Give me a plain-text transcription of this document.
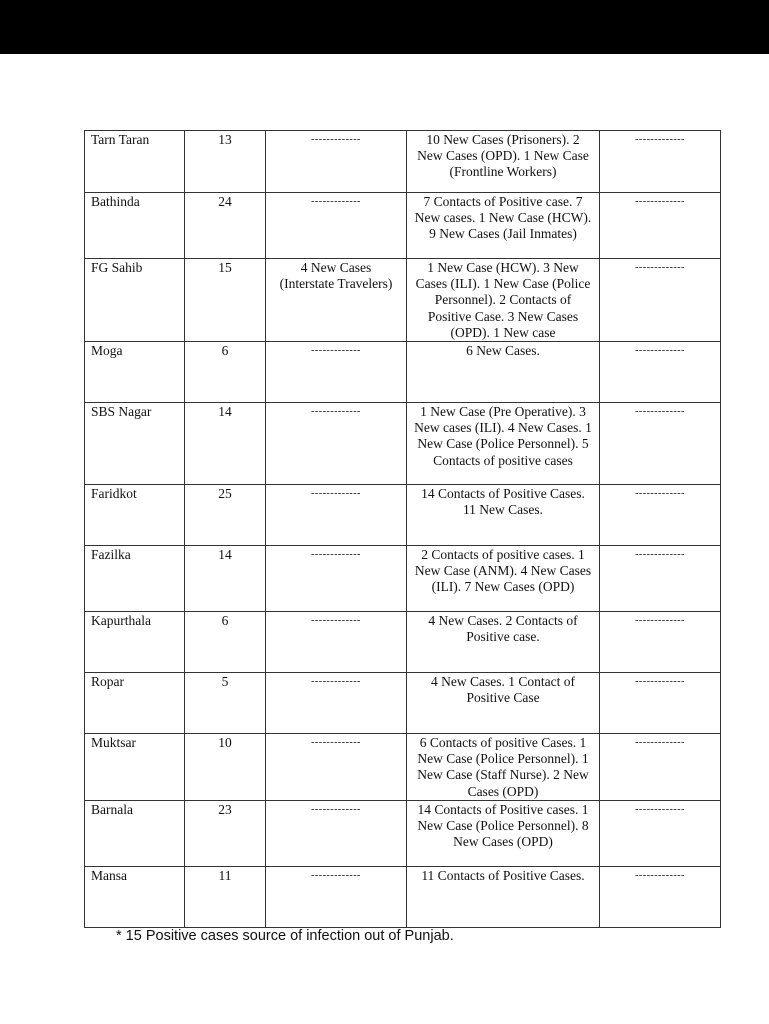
Tarn Taran	13	-------------	10 New Cases (Prisoners). 2 New Cases (OPD). 1 New Case (Frontline Workers)	-------------
Bathinda	24	-------------	7 Contacts of Positive case. 7 New cases. 1 New Case (HCW). 9 New Cases (Jail Inmates)	-------------
FG Sahib	15	4 New Cases (Interstate Travelers)	1 New Case (HCW). 3 New Cases (ILI). 1 New Case (Police Personnel). 2 Contacts of Positive Case. 3 New Cases (OPD). 1 New case	-------------
Moga	6	-------------	6 New Cases.	-------------
SBS Nagar	14	-------------	1 New Case (Pre Operative). 3 New cases (ILI). 4 New Cases. 1 New Case (Police Personnel). 5 Contacts of positive cases	-------------
Faridkot	25	-------------	14 Contacts of Positive Cases. 11 New Cases.	-------------
Fazilka	14	-------------	2 Contacts of positive cases. 1 New Case (ANM). 4 New Cases (ILI). 7 New Cases (OPD)	-------------
Kapurthala	6	-------------	4 New Cases. 2 Contacts of Positive case.	-------------
Ropar	5	-------------	4 New Cases. 1 Contact of Positive Case	-------------
Muktsar	10	-------------	6 Contacts of positive Cases. 1 New Case (Police Personnel). 1 New Case (Staff Nurse). 2 New Cases (OPD)	-------------
Barnala	23	-------------	14 Contacts of Positive cases. 1 New Case (Police Personnel). 8 New Cases (OPD)	-------------
Mansa	11	-------------	11 Contacts of Positive Cases.	-------------
* 15 Positive cases source of infection out of Punjab.
